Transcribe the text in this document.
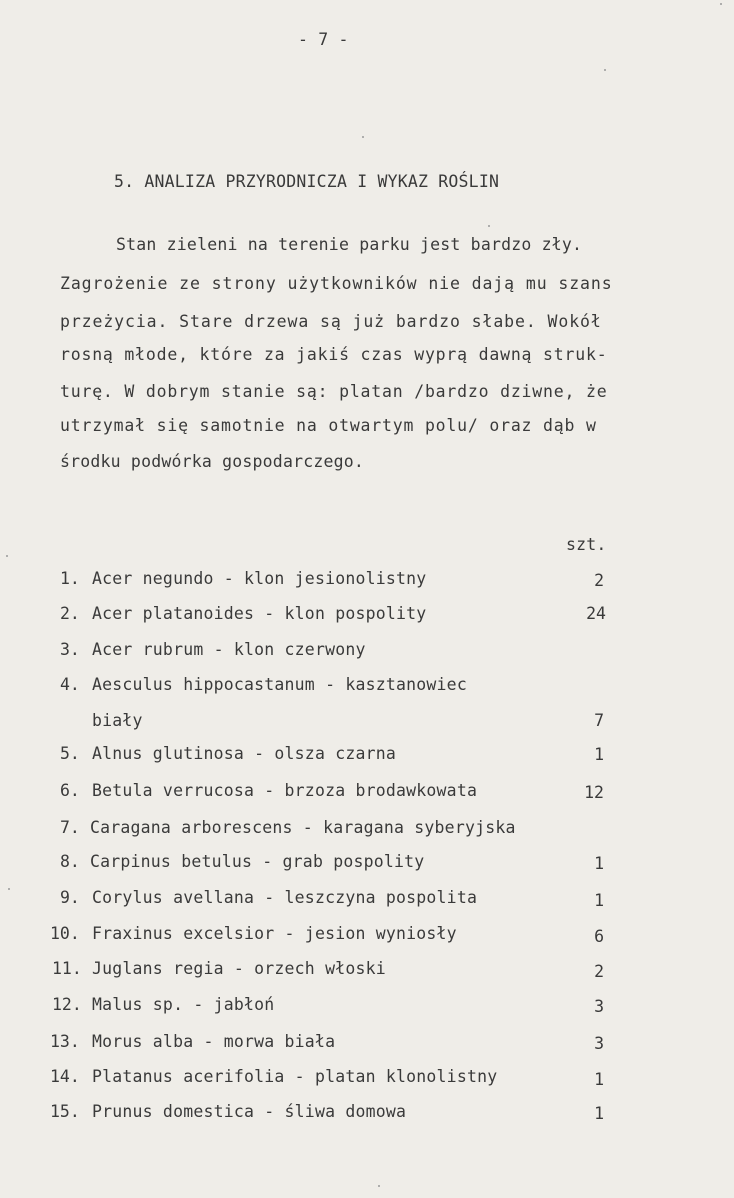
- 7 -
5. ANALIZA PRZYRODNICZA I WYKAZ ROŚLIN
Stan zieleni na terenie parku jest bardzo zły.
Zagrożenie ze strony użytkowników nie dają mu szans
przeżycia. Stare drzewa są już bardzo słabe. Wokół
rosną młode, które za jakiś czas wyprą dawną struk-
turę. W dobrym stanie są: platan /bardzo dziwne, że
utrzymał się samotnie na otwartym polu/ oraz dąb w
środku podwórka gospodarczego.
szt.
1. Acer negundo - klon jesionolistny	2
2. Acer platanoides - klon pospolity	24
3. Acer rubrum - klon czerwony
4. Aesculus hippocastanum - kasztanowiec
biały	7
5. Alnus glutinosa - olsza czarna	1
6. Betula verrucosa - brzoza brodawkowata	12
7. Caragana arborescens - karagana syberyjska
8. Carpinus betulus - grab pospolity	1
9. Corylus avellana - leszczyna pospolita	1
10. Fraxinus excelsior - jesion wyniosły	6
11. Juglans regia - orzech włoski	2
12. Malus sp. - jabłoń	3
13. Morus alba - morwa biała	3
14. Platanus acerifolia - platan klonolistny	1
15. Prunus domestica - śliwa domowa	1
